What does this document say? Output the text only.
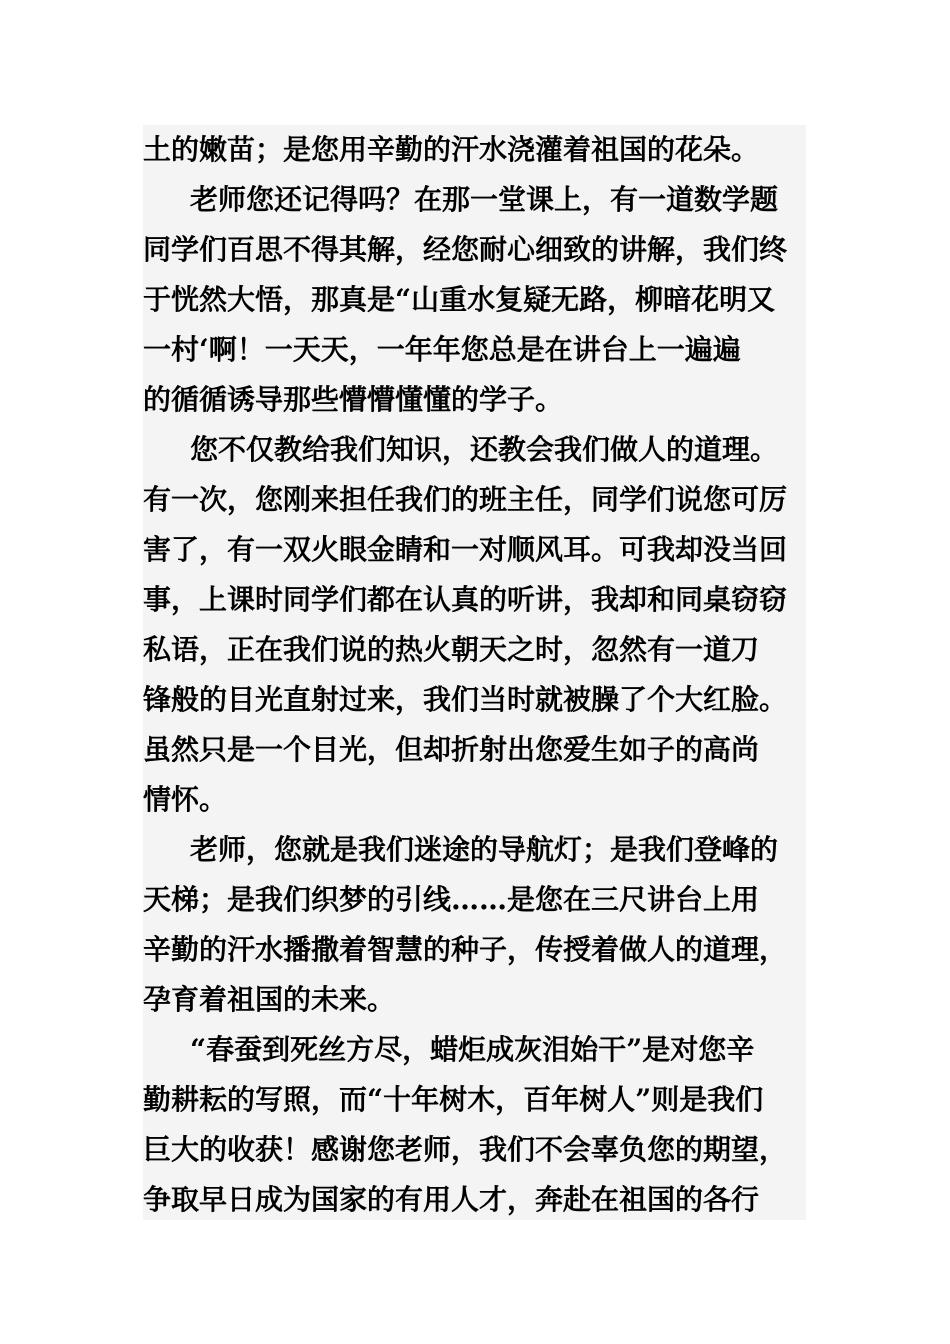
土的嫩苗；是您用辛勤的汗水浇灌着祖国的花朵。
老师您还记得吗？在那一堂课上，有一道数学题
同学们百思不得其解，经您耐心细致的讲解，我们终
于恍然大悟，那真是“山重水复疑无路，柳暗花明又
一村‘啊！一天天，一年年您总是在讲台上一遍遍
的循循诱导那些懵懵懂懂的学子。
您不仅教给我们知识，还教会我们做人的道理。
有一次，您刚来担任我们的班主任，同学们说您可厉
害了，有一双火眼金睛和一对顺风耳。可我却没当回
事，上课时同学们都在认真的听讲，我却和同桌窃窃
私语，正在我们说的热火朝天之时，忽然有一道刀
锋般的目光直射过来，我们当时就被臊了个大红脸。
虽然只是一个目光，但却折射出您爱生如子的高尚
情怀。
老师，您就是我们迷途的导航灯；是我们登峰的
天梯；是我们织梦的引线……是您在三尺讲台上用
辛勤的汗水播撒着智慧的种子，传授着做人的道理，
孕育着祖国的未来。
“春蚕到死丝方尽，蜡炬成灰泪始干”是对您辛
勤耕耘的写照，而“十年树木，百年树人”则是我们
巨大的收获！感谢您老师，我们不会辜负您的期望，
争取早日成为国家的有用人才，奔赴在祖国的各行
